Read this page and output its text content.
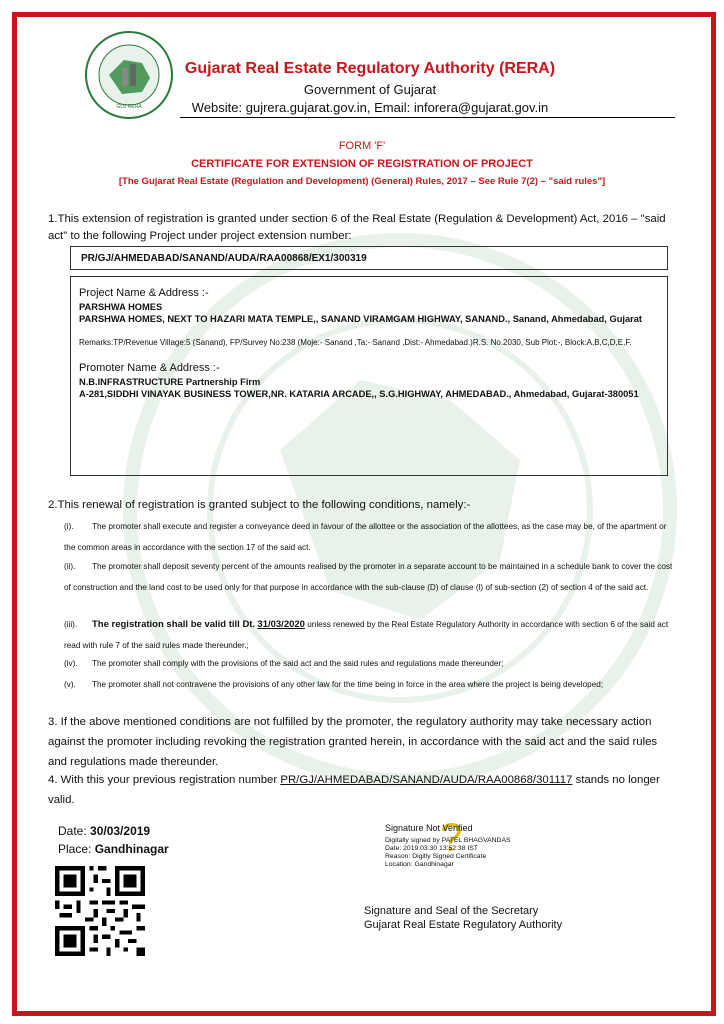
GUJ RERA
Gujarat Real Estate Regulatory Authority (RERA)
Government of Gujarat
Website: gujrera.gujarat.gov.in, Email: inforera@gujarat.gov.in
FORM 'F'
CERTIFICATE FOR EXTENSION OF REGISTRATION OF PROJECT
[The Gujarat Real Estate (Regulation and Development) (General) Rules, 2017 – See Rule 7(2) – "said rules"]
1.This extension of registration is granted under section 6 of the Real Estate (Regulation & Development) Act, 2016 – "said act" to the following Project under project extension number:
PR/GJ/AHMEDABAD/SANAND/AUDA/RAA00868/EX1/300319
Project Name & Address :-
PARSHWA HOMES
PARSHWA HOMES, NEXT TO HAZARI MATA TEMPLE,, SANAND VIRAMGAM HIGHWAY, SANAND., Sanand, Ahmedabad, Gujarat
Remarks:TP/Revenue Village:5 (Sanand), FP/Survey No:238 (Moje:- Sanand ,Ta:- Sanand ,Dist:- Ahmedabad.)R.S. No.2030, Sub Plot:-, Block:A,B,C,D,E,F.
Promoter Name & Address :-
N.B.INFRASTRUCTURE Partnership Firm
A-281,SIDDHI VINAYAK BUSINESS TOWER,NR. KATARIA ARCADE,, S.G.HIGHWAY, AHMEDABAD., Ahmedabad, Gujarat-380051
2.This renewal of registration is granted subject to the following conditions, namely:-
(i). The promoter shall execute and register a conveyance deed in favour of the allottee or the association of the allottees, as the case may be, of the apartment or the common areas in accordance with the section 17 of the said act.
(ii). The promoter shall deposit seventy percent of the amounts realised by the promoter in a separate account to be maintained in a schedule bank to cover the cost of construction and the land cost to be used only for that purpose in accordance with the sub-clause (D) of clause (l) of sub-section (2) of section 4 of the said act.
(iii). The registration shall be valid till Dt. 31/03/2020 unless renewed by the Real Estate Regulatory Authority in accordance with section 6 of the said act read with rule 7 of the said rules made thereunder.;
(iv). The promoter shall comply with the provisions of the said act and the said rules and regulations made thereunder;
(v). The promoter shall not contravene the provisions of any other law for the time being in force in the area where the project is being developed;
3. If the above mentioned conditions are not fulfilled by the promoter, the regulatory authority may take necessary action against the promoter including revoking the registration granted herein, in accordance with the said act and the said rules and regulations made thereunder.
4. With this your previous registration number PR/GJ/AHMEDABAD/SANAND/AUDA/RAA00868/301117 stands no longer valid.
Date: 30/03/2019
Place: Gandhinagar	?
Signature Not Verified
Digitally signed by PATEL BHAGVANDAS
Date: 2019.03.30 13:52:38 IST
Reason: Digitly Signed Certificate
Location: Gandhinagar
Signature and Seal of the Secretary
Gujarat Real Estate Regulatory Authority
